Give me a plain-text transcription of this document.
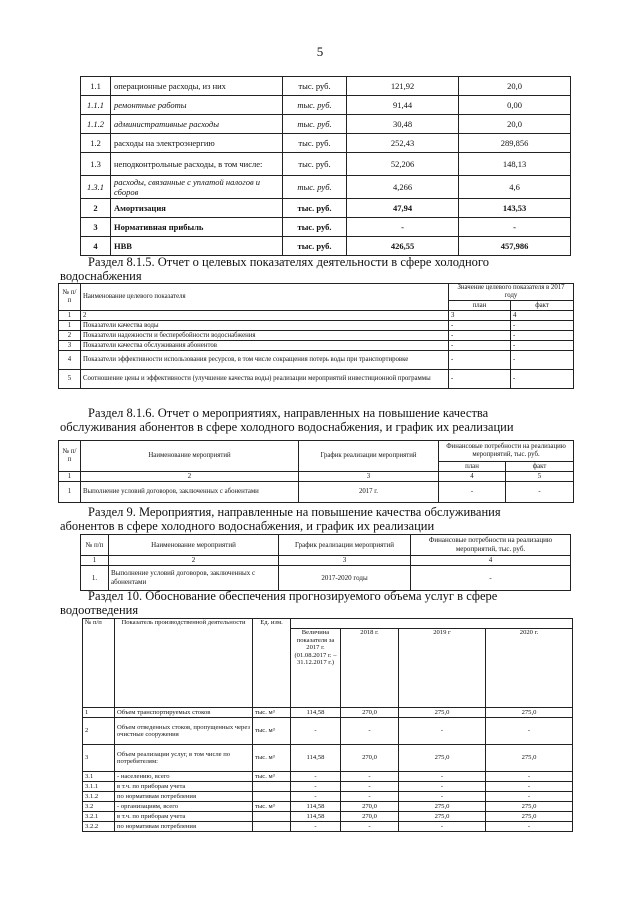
5
1.1	операционные расходы, из них	тыс. руб.	121,92	20,0
1.1.1	ремонтные работы	тыс. руб.	91,44	0,00
1.1.2	административные расходы	тыс. руб.	30,48	20,0
1.2	расходы на электроэнергию	тыс. руб.	252,43	289,856
1.3	неподконтрольные расходы, в том числе:	тыс. руб.	52,206	148,13
1.3.1	расходы, связанные с уплатой налогов и сборов	тыс. руб.	4,266	4,6
2	Амортизация	тыс. руб.	47,94	143,53
3	Нормативная прибыль	тыс. руб.	-	-
4	НВВ	тыс. руб.	426,55	457,986
Раздел 8.1.5. Отчет о целевых показателях деятельности в сфере холодного
водоснабжения
№ п/п	Наименование целевого показателя	Значение целевого показателя в 2017 году	
		план	факт
1	2	3	4
1	Показатели качества воды	-	-
2	Показатели надежности и бесперебойности водоснабжения	-	-
3	Показатели качества обслуживания абонентов	-	-
4	Показатели эффективности использования ресурсов, в том числе сокращения потерь воды при транспортировке	-	-
5	Соотношение цены и эффективности (улучшение качества воды) реализации мероприятий инвестиционной программы	-	-
Раздел 8.1.6. Отчет о мероприятиях, направленных на повышение качества
обслуживания абонентов в сфере холодного водоснабжения, и график их реализации
№ п/п	Наименование мероприятий	График реализации мероприятий	Финансовые потребности на реализацию мероприятий, тыс. руб.	
			план	факт
1	2	3	4	5
1	Выполнение условий договоров, заключенных с абонентами	2017 г.	-	-
Раздел 9. Мероприятия, направленные на повышение качества обслуживания
абонентов в сфере холодного водоснабжения, и график их реализации
№ п/п	Наименование мероприятий	График реализации мероприятий	Финансовые потребности на реализацию мероприятий, тыс. руб.
1	2	3	4
1.	Выполнение условий договоров, заключенных с абонентами	2017-2020 годы	-
Раздел 10. Обоснование обеспечения прогнозируемого объема услуг в сфере
водоотведения
№ п/п	Показатель производственной деятельности	Ед. изм.				
			Величина показателя за 2017 г. (01.08.2017 г. – 31.12.2017 г.)	2018 г.	2019 г	2020 г.
1	Объем транспортируемых стоков	тыс. м³	114,58	270,0	275,0	275,0
2	Объем отведенных стоков, пропущенных через очистные сооружения	тыс. м³	-	-	-	-
3	Объем реализации услуг, в том числе по потребителям:	тыс. м³	114,58	270,0	275,0	275,0
3.1	- населению, всего	тыс. м³	-	-	-	-
3.1.1	в т.ч. по приборам учета		-	-	-	-
3.1.2	по нормативам потребления		-	-	-	-
3.2	- организациям, всего	тыс. м³	114,58	270,0	275,0	275,0
3.2.1	в т.ч. по приборам учета		114,58	270,0	275,0	275,0
3.2.2	по нормативам потребления		-	-	-	-
